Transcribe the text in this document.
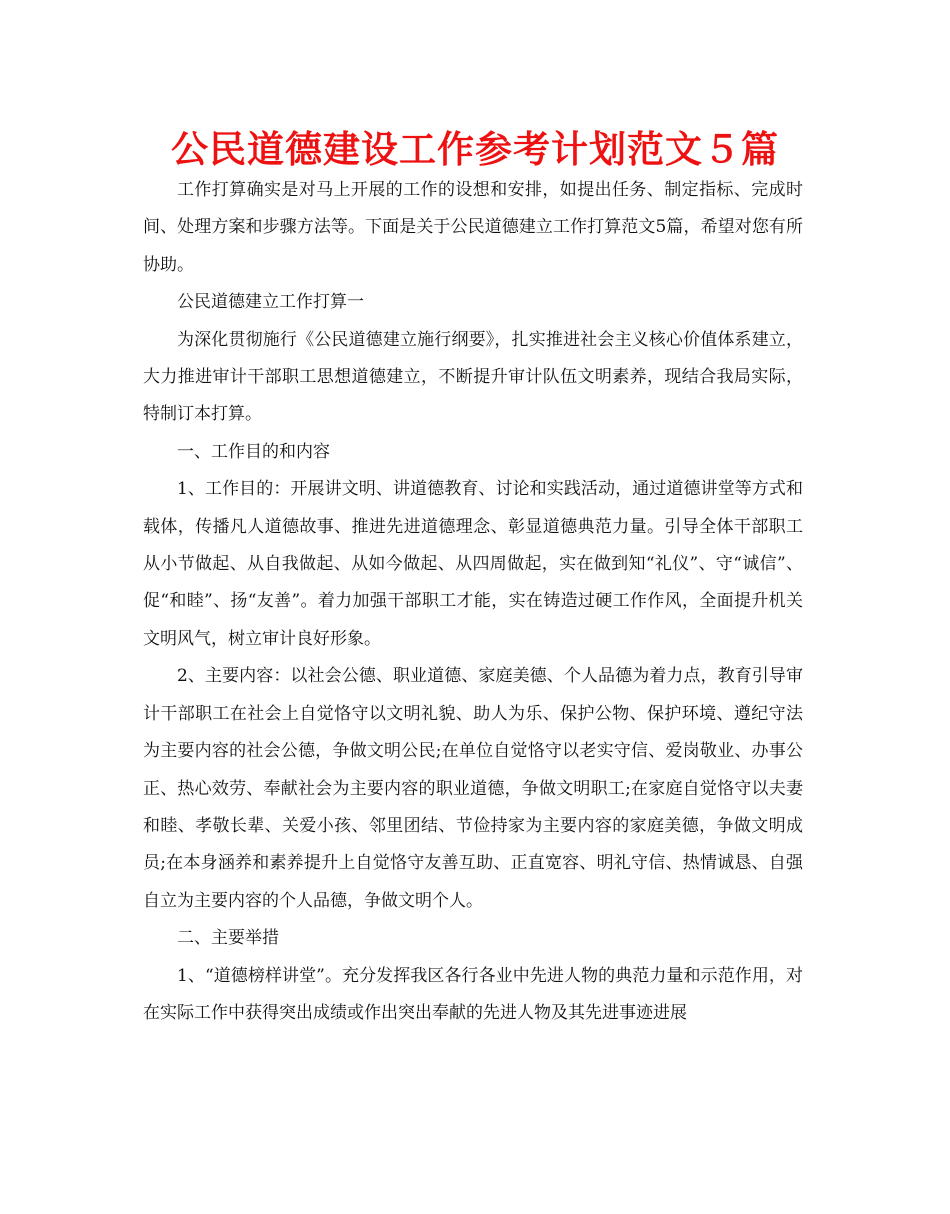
公民道德建设工作参考计划范文５篇

工作打算确实是对马上开展的工作的设想和安排，如提出任务、制定指标、完成时间、处理方案和步骤方法等。下面是关于公民道德建立工作打算范文5篇，希望对您有所协助。

公民道德建立工作打算一

为深化贯彻施行《公民道德建立施行纲要》，扎实推进社会主义核心价值体系建立，大力推进审计干部职工思想道德建立，不断提升审计队伍文明素养，现结合我局实际，特制订本打算。

一、工作目的和内容

1、工作目的：开展讲文明、讲道德教育、讨论和实践活动，通过道德讲堂等方式和载体，传播凡人道德故事、推进先进道德理念、彰显道德典范力量。引导全体干部职工从小节做起、从自我做起、从如今做起、从四周做起，实在做到知“礼仪”、守“诚信”、促“和睦”、扬“友善”。着力加强干部职工才能，实在铸造过硬工作作风，全面提升机关文明风气，树立审计良好形象。

2、主要内容：以社会公德、职业道德、家庭美德、个人品德为着力点，教育引导审计干部职工在社会上自觉恪守以文明礼貌、助人为乐、保护公物、保护环境、遵纪守法为主要内容的社会公德，争做文明公民;在单位自觉恪守以老实守信、爱岗敬业、办事公正、热心效劳、奉献社会为主要内容的职业道德，争做文明职工;在家庭自觉恪守以夫妻和睦、孝敬长辈、关爱小孩、邻里团结、节俭持家为主要内容的家庭美德，争做文明成员;在本身涵养和素养提升上自觉恪守友善互助、正直宽容、明礼守信、热情诚恳、自强自立为主要内容的个人品德，争做文明个人。

二、主要举措

1、“道德榜样讲堂”。充分发挥我区各行各业中先进人物的典范力量和示范作用，对在实际工作中获得突出成绩或作出突出奉献的先进人物及其先进事迹进展
